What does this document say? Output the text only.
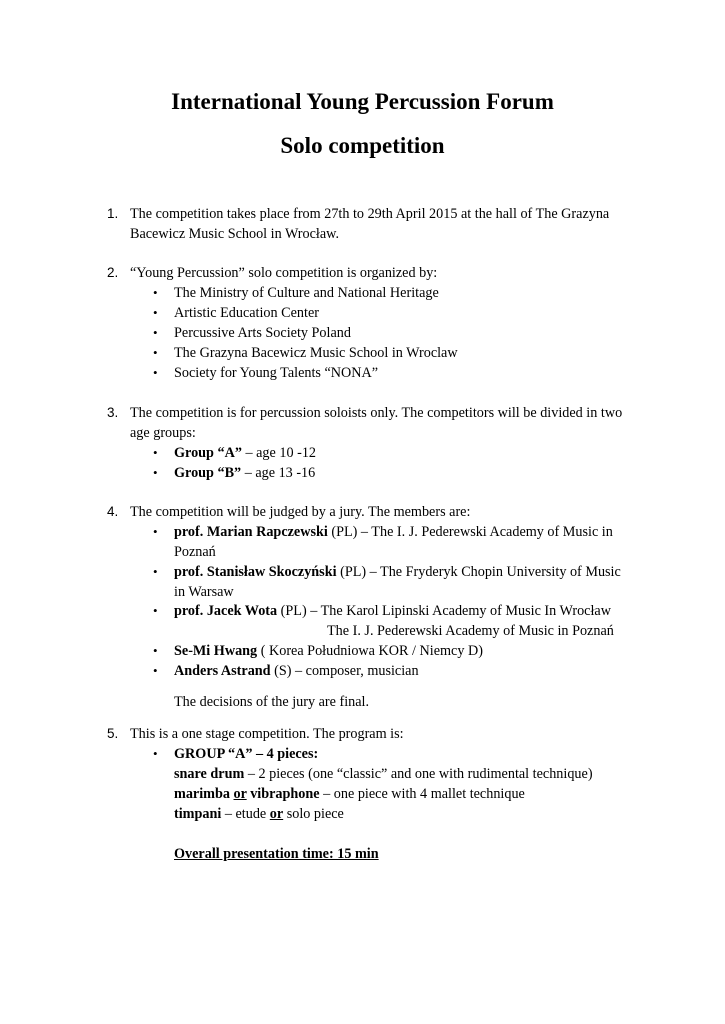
International Young Percussion Forum
Solo competition
1. The competition takes place from 27th to 29th April 2015 at the hall of The Grazyna
Bacewicz Music School in Wrocław.
2. “Young Percussion” solo competition is organized by:
• The Ministry of Culture and National Heritage
• Artistic Education Center
• Percussive Arts Society Poland
• The Grazyna Bacewicz Music School in Wroclaw
• Society for Young Talents “NONA”
3. The competition is for percussion soloists only. The competitors will be divided in two
age groups:
• Group “A” – age 10 -12
• Group “B” – age 13 -16
4. The competition will be judged by a jury. The members are:
• prof. Marian Rapczewski (PL) – The I. J. Pederewski Academy of Music in
Poznań
• prof. Stanisław Skoczyński (PL) – The Fryderyk Chopin University of Music
in Warsaw
• prof. Jacek Wota (PL) – The Karol Lipinski Academy of Music In Wrocław
The I. J. Pederewski Academy of Music in Poznań
• Se-Mi Hwang ( Korea Południowa KOR / Niemcy D)
• Anders Astrand (S) – composer, musician
The decisions of the jury are final.
5. This is a one stage competition. The program is:
• GROUP “A” – 4 pieces:
snare drum – 2 pieces (one “classic” and one with rudimental technique)
marimba or vibraphone – one piece with 4 mallet technique
timpani – etude or solo piece
Overall presentation time: 15 min
